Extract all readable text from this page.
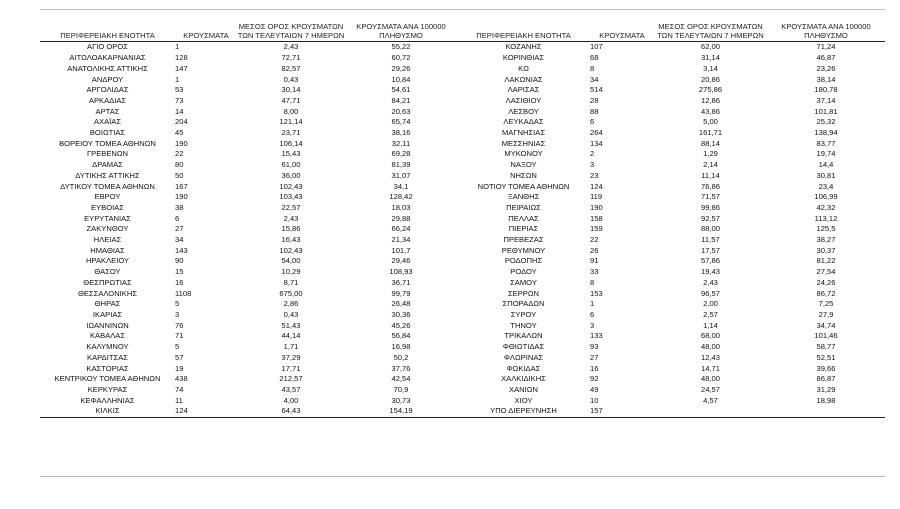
ΠΕΡΙΦΕΡΕΙΑΚΗ ΕΝΟΤΗΤΑ	ΚΡΟΥΣΜΑΤΑ	ΜΕΣΟΣ ΟΡΟΣ ΚΡΟΥΣΜΑΤΩΝ ΤΩΝ ΤΕΛΕΥΤΑΙΩΝ 7 ΗΜΕΡΩΝ	ΚΡΟΥΣΜΑΤΑ ΑΝΑ 100000 ΠΛΗΘΥΣΜΟ	ΠΕΡΙΦΕΡΕΙΑΚΗ ΕΝΟΤΗΤΑ	ΚΡΟΥΣΜΑΤΑ	ΜΕΣΟΣ ΟΡΟΣ ΚΡΟΥΣΜΑΤΩΝ ΤΩΝ ΤΕΛΕΥΤΑΙΩΝ 7 ΗΜΕΡΩΝ	ΚΡΟΥΣΜΑΤΑ ΑΝΑ 100000 ΠΛΗΘΥΣΜΟ
ΑΓΙΟ ΟΡΟΣ	1	2,43	55,22	ΚΟΖΑΝΗΣ	107	62,00	71,24
ΑΙΤΩΛΟΑΚΑΡΝΑΝΙΑΣ	128	72,71	60,72	ΚΟΡΙΝΘΙΑΣ	68	31,14	46,87
ΑΝΑΤΟΛΙΚΗΣ ΑΤΤΙΚΗΣ	147	82,57	29,26	ΚΩ	8	3,14	23,26
ΑΝΔΡΟΥ	1	0,43	10,84	ΛΑΚΩΝΙΑΣ	34	20,86	38,14
ΑΡΓΟΛΙΔΑΣ	53	30,14	54,61	ΛΑΡΙΣΑΣ	514	275,86	180,78
ΑΡΚΑΔΙΑΣ	73	47,71	84,21	ΛΑΣΙΘΙΟΥ	28	12,86	37,14
ΑΡΤΑΣ	14	8,00	20,63	ΛΕΣΒΟΥ	88	43,86	101,81
ΑΧΑΪΑΣ	204	121,14	65,74	ΛΕΥΚΑΔΑΣ	6	5,00	25,32
ΒΟΙΩΤΙΑΣ	45	23,71	38,16	ΜΑΓΝΗΣΙΑΣ	264	161,71	138,94
ΒΟΡΕΙΟΥ ΤΟΜΕΑ ΑΘΗΝΩΝ	190	106,14	32,11	ΜΕΣΣΗΝΙΑΣ	134	88,14	83,77
ΓΡΕΒΕΝΩΝ	22	15,43	69,28	ΜΥΚΟΝΟΥ	2	1,29	19,74
ΔΡΑΜΑΣ	80	61,00	81,39	ΝΑΞΟΥ	3	2,14	14,4
ΔΥΤΙΚΗΣ ΑΤΤΙΚΗΣ	50	36,00	31,07	ΝΗΣΩΝ	23	11,14	30,81
ΔΥΤΙΚΟΥ ΤΟΜΕΑ ΑΘΗΝΩΝ	167	102,43	34,1	ΝΟΤΙΟΥ ΤΟΜΕΑ ΑΘΗΝΩΝ	124	76,86	23,4
ΕΒΡΟΥ	190	103,43	128,42	ΞΑΝΘΗΣ	119	71,57	106,99
ΕΥΒΟΙΑΣ	38	22,57	18,03	ΠΕΙΡΑΙΩΣ	190	99,86	42,32
ΕΥΡΥΤΑΝΙΑΣ	6	2,43	29,88	ΠΕΛΛΑΣ	158	92,57	113,12
ΖΑΚΥΝΘΟΥ	27	15,86	66,24	ΠΙΕΡΙΑΣ	159	88,00	125,5
ΗΛΕΙΑΣ	34	16,43	21,34	ΠΡΕΒΕΖΑΣ	22	11,57	38,27
ΗΜΑΘΙΑΣ	143	102,43	101,7	ΡΕΘΥΜΝΟΥ	26	17,57	30,37
ΗΡΑΚΛΕΙΟΥ	90	54,00	29,46	ΡΟΔΟΠΗΣ	91	57,86	81,22
ΘΑΣΟΥ	15	10,29	108,93	ΡΟΔΟΥ	33	19,43	27,54
ΘΕΣΠΡΩΤΙΑΣ	16	8,71	36,71	ΣΑΜΟΥ	8	2,43	24,26
ΘΕΣΣΑΛΟΝΙΚΗΣ	1108	675,00	99,79	ΣΕΡΡΩΝ	153	96,57	86,72
ΘΗΡΑΣ	5	2,86	26,48	ΣΠΟΡΑΔΩΝ	1	2,00	7,25
ΙΚΑΡΙΑΣ	3	0,43	30,36	ΣΥΡΟΥ	6	2,57	27,9
ΙΩΑΝΝΙΝΩΝ	76	51,43	45,26	ΤΗΝΟΥ	3	1,14	34,74
ΚΑΒΑΛΑΣ	71	44,14	56,84	ΤΡΙΚΑΛΩΝ	133	68,00	101,46
ΚΑΛΥΜΝΟΥ	5	1,71	16,98	ΦΘΙΩΤΙΔΑΣ	93	48,00	58,77
ΚΑΡΔΙΤΣΑΣ	57	37,29	50,2	ΦΛΩΡΙΝΑΣ	27	12,43	52,51
ΚΑΣΤΟΡΙΑΣ	19	17,71	37,76	ΦΩΚΙΔΑΣ	16	14,71	39,66
ΚΕΝΤΡΙΚΟΥ ΤΟΜΕΑ ΑΘΗΝΩΝ	438	212,57	42,54	ΧΑΛΚΙΔΙΚΗΣ	92	48,00	86,87
ΚΕΡΚΥΡΑΣ	74	43,57	70,9	ΧΑΝΙΩΝ	49	24,57	31,29
ΚΕΦΑΛΛΗΝΙΑΣ	11	4,00	30,73	ΧΙΟΥ	10	4,57	18,98
ΚΙΛΚΙΣ	124	64,43	154,19	ΥΠΟ ΔΙΕΡΕΥΝΗΣΗ	157		
